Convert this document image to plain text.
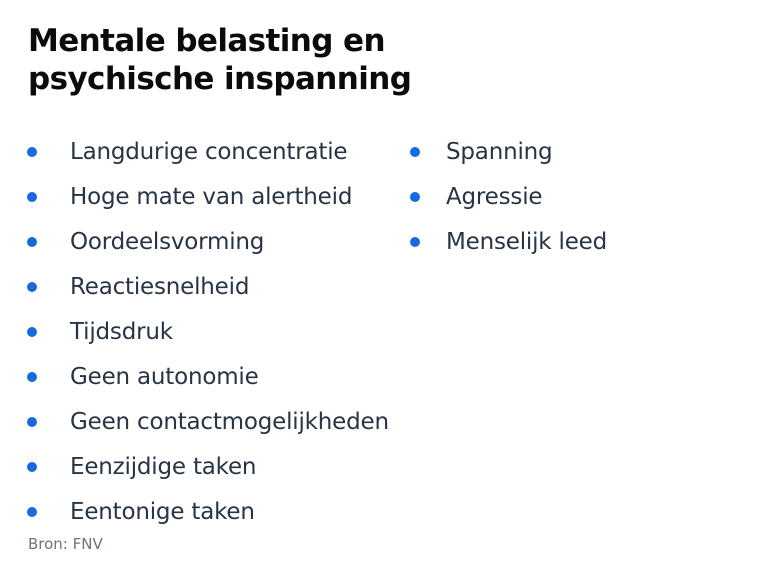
Mentale belasting en
psychische inspanning
Langdurige concentratie
Hoge mate van alertheid
Oordeelsvorming
Reactiesnelheid
Tijdsdruk
Geen autonomie
Geen contactmogelijkheden
Eenzijdige taken
Eentonige taken
Spanning
Agressie
Menselijk leed
Bron: FNV
